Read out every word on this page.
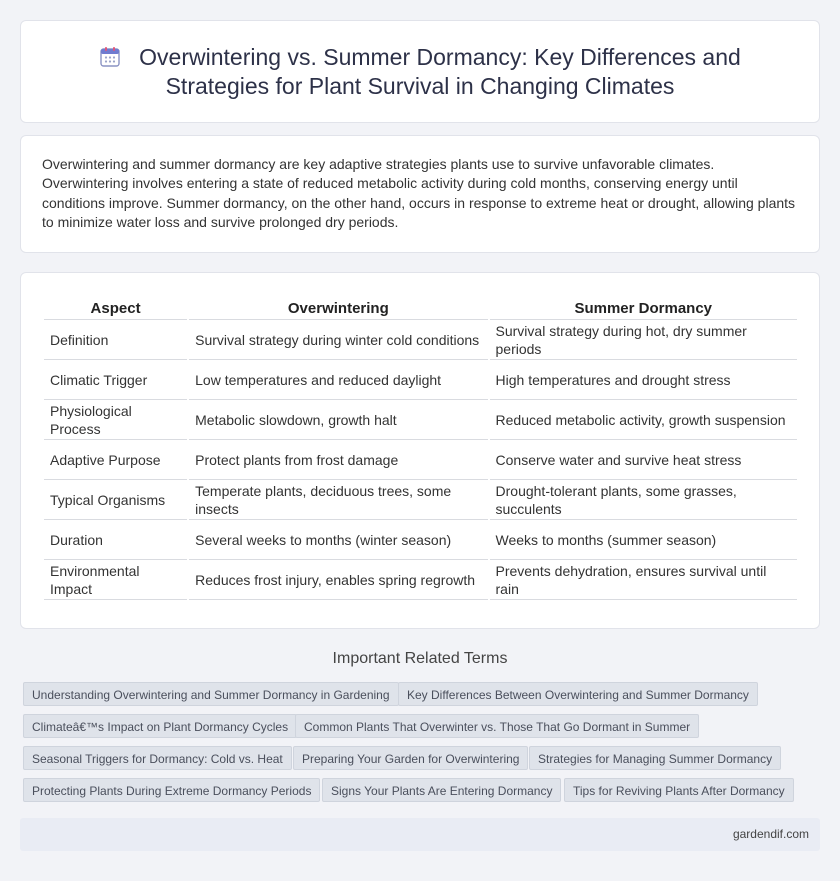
Overwintering vs. Summer Dormancy: Key Differences and
Strategies for Plant Survival in Changing Climates

Overwintering and summer dormancy are key adaptive strategies plants use to survive unfavorable climates. Overwintering involves entering a state of reduced metabolic activity during cold months, conserving energy until conditions improve. Summer dormancy, on the other hand, occurs in response to extreme heat or drought, allowing plants to minimize water loss and survive prolonged dry periods.

Aspect	Overwintering	Summer Dormancy
Definition	Survival strategy during winter cold conditions	Survival strategy during hot, dry summer periods
Climatic Trigger	Low temperatures and reduced daylight	High temperatures and drought stress
Physiological Process	Metabolic slowdown, growth halt	Reduced metabolic activity, growth suspension
Adaptive Purpose	Protect plants from frost damage	Conserve water and survive heat stress
Typical Organisms	Temperate plants, deciduous trees, some insects	Drought-tolerant plants, some grasses, succulents
Duration	Several weeks to months (winter season)	Weeks to months (summer season)
Environmental Impact	Reduces frost injury, enables spring regrowth	Prevents dehydration, ensures survival until rain
Important Related Terms
Understanding Overwintering and Summer Dormancy in Gardening	Key Differences Between Overwintering and Summer Dormancy
Climateâ€™s Impact on Plant Dormancy Cycles	Common Plants That Overwinter vs. Those That Go Dormant in Summer
Seasonal Triggers for Dormancy: Cold vs. Heat	Preparing Your Garden for Overwintering	Strategies for Managing Summer Dormancy
Protecting Plants During Extreme Dormancy Periods	Signs Your Plants Are Entering Dormancy	Tips for Reviving Plants After Dormancy
gardendif.com
